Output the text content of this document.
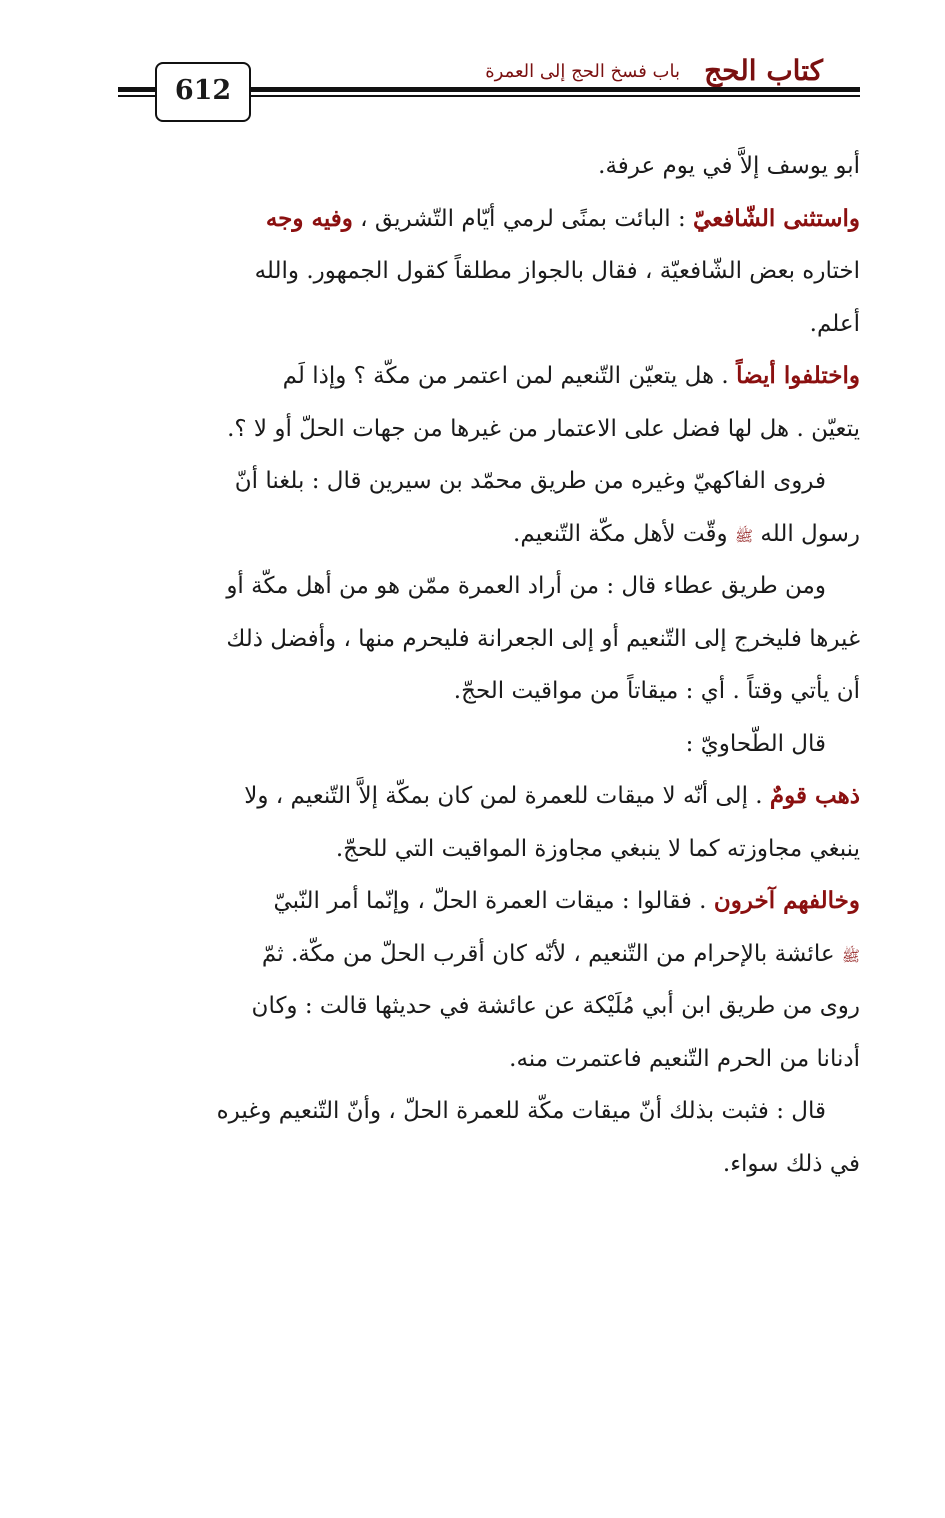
كتاب الحج
باب فسخ الحج إلى العمرة
612
أبو يوسف إلاَّ في يوم عرفة.
واستثنى الشّافعيّ : البائت بمنًى لرمي أيّام التّشريق ، وفيه وجه
اختاره بعض الشّافعيّة ، فقال بالجواز مطلقاً كقول الجمهور. والله
أعلم.
واختلفوا أيضاً . هل يتعيّن التّنعيم لمن اعتمر من مكّة ؟ وإذا لَم
يتعيّن . هل لها فضل على الاعتمار من غيرها من جهات الحلّ أو لا ؟.
فروى الفاكهيّ وغيره من طريق محمّد بن سيرين قال : بلغنا أنّ
رسول الله ﷺ وقّت لأهل مكّة التّنعيم.
ومن طريق عطاء قال : من أراد العمرة ممّن هو من أهل مكّة أو
غيرها فليخرج إلى التّنعيم أو إلى الجعرانة فليحرم منها ، وأفضل ذلك
أن يأتي وقتاً . أي : ميقاتاً من مواقيت الحجّ.
قال الطّحاويّ :
ذهب قومٌ . إلى أنّه لا ميقات للعمرة لمن كان بمكّة إلاَّ التّنعيم ، ولا
ينبغي مجاوزته كما لا ينبغي مجاوزة المواقيت التي للحجّ.
وخالفهم آخرون . فقالوا : ميقات العمرة الحلّ ، وإنّما أمر النّبيّ
ﷺ عائشة بالإحرام من التّنعيم ، لأنّه كان أقرب الحلّ من مكّة. ثمّ
روى من طريق ابن أبي مُلَيْكة عن عائشة في حديثها قالت : وكان
أدنانا من الحرم التّنعيم فاعتمرت منه.
قال : فثبت بذلك أنّ ميقات مكّة للعمرة الحلّ ، وأنّ التّنعيم وغيره
في ذلك سواء.
